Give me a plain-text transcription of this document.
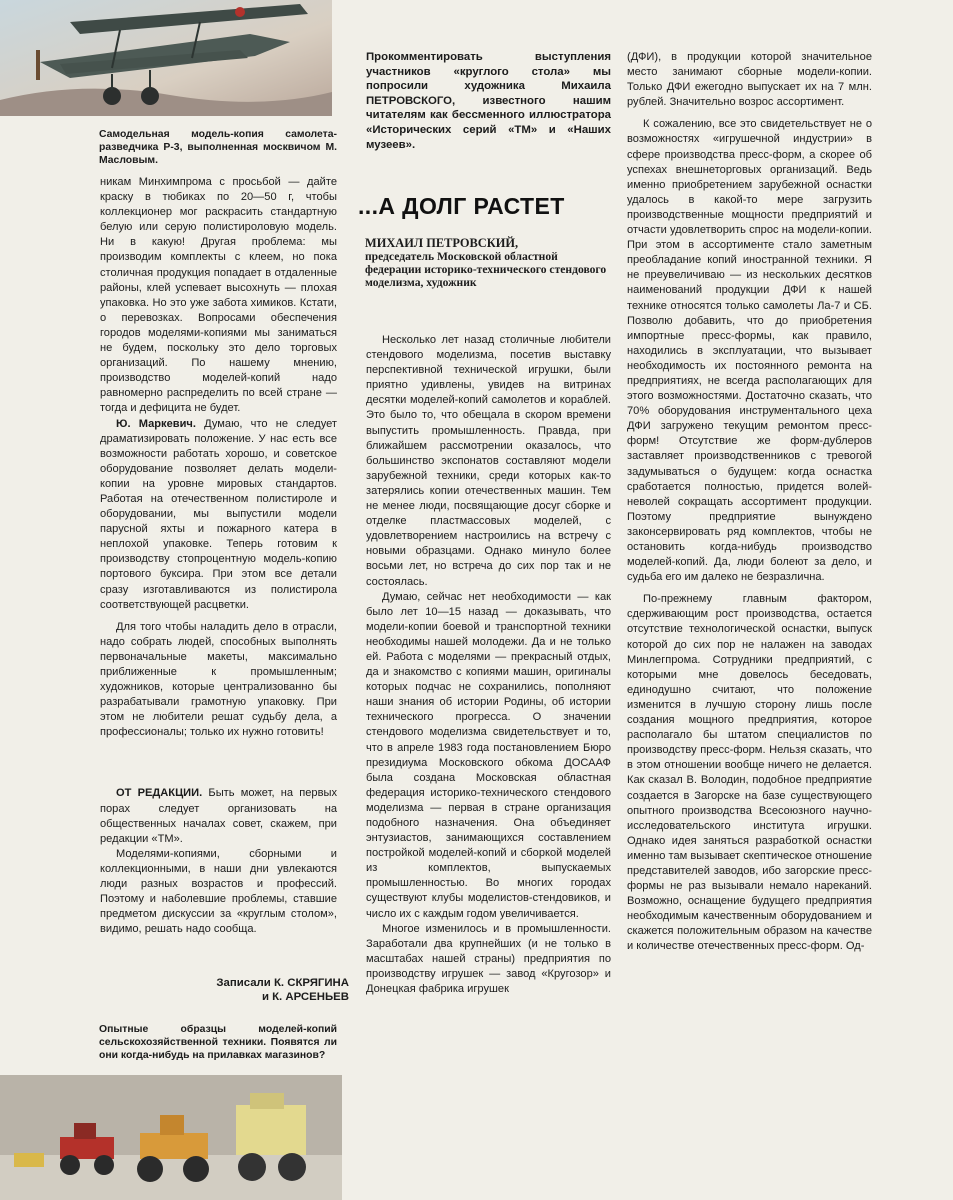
Самодельная модель-копия самолета-разведчика Р-3, выполненная москвичом М. Масловым.

никам Минхимпрома с просьбой — дайте краску в тюбиках по 20—50 г, чтобы коллекционер мог раскрасить стандартную белую или серую полистироловую модель. Ни в какую! Другая проблема: мы производим комплекты с клеем, но пока столичная продукция попадает в отдаленные районы, клей успевает высохнуть — плохая упаковка. Но это уже забота химиков. Кстати, о перевозках. Вопросами обеспечения городов моделями-копиями мы заниматься не будем, поскольку это дело торговых организаций. По нашему мнению, производство моделей-копий надо равномерно распределить по всей стране — тогда и дефицита не будет.

Ю. Маркевич. Думаю, что не следует драматизировать положение. У нас есть все возможности работать хорошо, и советское оборудование позволяет делать модели-копии на уровне мировых стандартов. Работая на отечественном полистироле и оборудовании, мы выпустили модели парусной яхты и пожарного катера в неплохой упаковке. Теперь готовим к производству стопроцентную модель-копию портового буксира. При этом все детали сразу изготавливаются из полистирола соответствующей расцветки.

Для того чтобы наладить дело в отрасли, надо собрать людей, способных выполнять первоначальные макеты, максимально приближенные к промышленным; художников, которые централизованно бы разрабатывали грамотную упаковку. При этом не любители решат судьбу дела, а профессионалы; только их нужно готовить!

ОТ РЕДАКЦИИ. Быть может, на первых порах следует организовать на общественных началах совет, скажем, при редакции «ТМ».

Моделями-копиями, сборными и коллекционными, в наши дни увлекаются люди разных возрастов и профессий. Поэтому и наболевшие проблемы, ставшие предметом дискуссии за «круглым столом», видимо, решать надо сообща.

Записали К. СКРЯГИНА
и К. АРСЕНЬЕВ

Опытные образцы моделей-копий сельскохозяйственной техники. Появятся ли они когда-нибудь на прилавках магазинов?

Прокомментировать выступления участников «круглого стола» мы попросили художника Михаила ПЕТРОВСКОГО, известного нашим читателям как бессменного иллюстратора «Исторических серий «ТМ» и «Наших музеев».

...А ДОЛГ РАСТЕТ
МИХАИЛ ПЕТРОВСКИЙ,
председатель Московской областной федерации историко-технического стендового моделизма, художник

Несколько лет назад столичные любители стендового моделизма, посетив выставку перспективной технической игрушки, были приятно удивлены, увидев на витринах десятки моделей-копий самолетов и кораблей. Это было то, что обещала в скором времени выпустить промышленность. Правда, при ближайшем рассмотрении оказалось, что большинство экспонатов составляют модели зарубежной техники, среди которых как-то затерялись копии отечественных машин. Тем не менее люди, посвящающие досуг сборке и отделке пластмассовых моделей, с удовлетворением настроились на встречу с новыми образцами. Однако минуло более восьми лет, но встреча до сих пор так и не состоялась.

Думаю, сейчас нет необходимости — как было лет 10—15 назад — доказывать, что модели-копии боевой и транспортной техники необходимы нашей молодежи. Да и не только ей. Работа с моделями — прекрасный отдых, да и знакомство с копиями машин, оригиналы которых подчас не сохранились, пополняют наши знания об истории Родины, об истории технического прогресса. О значении стендового моделизма свидетельствует и то, что в апреле 1983 года постановлением Бюро президиума Московского обкома ДОСААФ была создана Московская областная федерация историко-технического стендового моделизма — первая в стране организация подобного назначения. Она объединяет энтузиастов, занимающихся составлением постройкой моделей-копий и сборкой моделей из комплектов, выпускаемых промышленностью. Во многих городах существуют клубы моделистов-стендовиков, и число их с каждым годом увеличивается.

Многое изменилось и в промышленности. Заработали два крупнейших (и не только в масштабах нашей страны) предприятия по производству игрушек — завод «Кругозор» и Донецкая фабрика игрушек

(ДФИ), в продукции которой значительное место занимают сборные модели-копии. Только ДФИ ежегодно выпускает их на 7 млн. рублей. Значительно возрос ассортимент.

К сожалению, все это свидетельствует не о возможностях «игрушечной индустрии» в сфере производства пресс-форм, а скорее об успехах внешнеторговых организаций. Ведь именно приобретением зарубежной оснастки удалось в какой-то мере загрузить производственные мощности предприятий и отчасти удовлетворить спрос на модели-копии. При этом в ассортименте стало заметным преобладание копий иностранной техники. Я не преувеличиваю — из нескольких десятков наименований продукции ДФИ к нашей технике относятся только самолеты Ла-7 и СБ. Позволю добавить, что до приобретения импортные пресс-формы, как правило, находились в эксплуатации, что вызывает необходимость их постоянного ремонта на предприятиях, не всегда располагающих для этого возможностями. Достаточно сказать, что 70% оборудования инструментального цеха ДФИ загружено текущим ремонтом пресс-форм! Отсутствие же форм-дублеров заставляет производственников с тревогой задумываться о будущем: когда оснастка сработается полностью, придется волей-неволей сокращать ассортимент продукции. Поэтому предприятие вынуждено законсервировать ряд комплектов, чтобы не остановить когда-нибудь производство моделей-копий. Да, люди болеют за дело, и судьба его им далеко не безразлична.

По-прежнему главным фактором, сдерживающим рост производства, остается отсутствие технологической оснастки, выпуск которой до сих пор не налажен на заводах Минлегпрома. Сотрудники предприятий, с которыми мне довелось беседовать, единодушно считают, что положение изменится в лучшую сторону лишь после создания мощного предприятия, которое располагало бы штатом специалистов по производству пресс-форм. Нельзя сказать, что в этом отношении вообще ничего не делается. Как сказал В. Володин, подобное предприятие создается в Загорске на базе существующего опытного производства Всесоюзного научно-исследовательского института игрушки. Однако идея заняться разработкой оснастки именно там вызывает скептическое отношение представителей заводов, ибо загорские пресс-формы не раз вызывали немало нареканий. Возможно, оснащение будущего предприятия необходимым качественным оборудованием и скажется положительным образом на качестве и количестве отечественных пресс-форм. Од-
